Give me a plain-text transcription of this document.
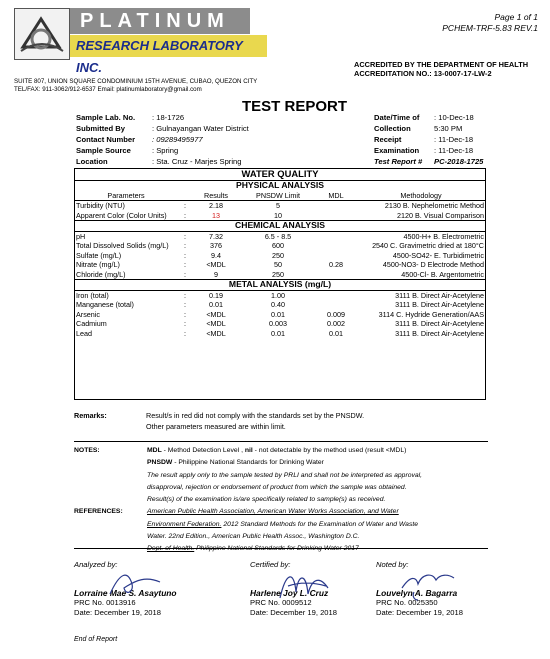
PLATINUM
RESEARCH LABORATORY INC.
Page 1 of 1
PCHEM-TRF-5.83 REV.1
ACCREDITED BY THE DEPARTMENT OF HEALTH
ACCREDITATION NO.: 13-0007-17-LW-2
SUITE 807, UNION SQUARE CONDOMINIUM 15TH AVENUE, CUBAO, QUEZON CITY
TEL/FAX: 911-3062/912-6537 Email: platinumlaboratory@gmail.com
TEST REPORT
Sample Lab. No. : 18-1726
Submitted By	: Gulnayangan Water District
Contact Number : 09289495977
Sample Source	: Spring
Location	: Sta. Cruz - Marjes Spring
Date/Time of : 10-Dec-18
Collection	5:30 PM
Receipt	: 11-Dec-18
Examination : 11-Dec-18
Test Report # PC-2018-1725
WATER QUALITY					
PHYSICAL ANALYSIS					
Parameters		Results	PNSDW Limit	MDL	Methodology
Turbidity (NTU)	:	2.18	5		2130 B. Nephelometric Method
Apparent Color (Color Units)	:	13	10		2120 B. Visual Comparison
CHEMICAL ANALYSIS					
pH	:	7.32	6.5 - 8.5		4500-H+ B. Electrometric
Total Dissolved Solids (mg/L)	:	376	600		2540 C. Gravimetric dried at 180°C
Sulfate (mg/L)	:	9.4	250		4500-SO42- E. Turbidimetric
Nitrate (mg/L)	:	<MDL	50	0.28	4500-NO3- D Electrode Method
Chloride (mg/L)	:	9	250		4500-Cl- B. Argentometric
METAL ANALYSIS (mg/L)					
Iron (total)	:	0.19	1.00		3111 B. Direct Air-Acetylene
Manganese (total)	:	0.01	0.40		3111 B. Direct Air-Acetylene
Arsenic	:	<MDL	0.01	0.009	3114 C. Hydride Generation/AAS
Cadmium	:	<MDL	0.003	0.002	3111 B. Direct Air-Acetylene
Lead	:	<MDL	0.01	0.01	3111 B. Direct Air-Acetylene
Remarks:	Result/s in red did not comply with the standards set by the PNSDW.
Other parameters measured are within limit.
NOTES:	MDL - Method Detection Level , nil - not detectable by the method used (result <MDL)
PNSDW - Philippine National Standards for Drinking Water
The result apply only to the sample tested by PRLI and shall not be interpreted as approval,
disapproval, rejection or endorsement of product from which the sample was obtained.
Result(s) of the examination is/are specifically related to sample(s) as received.
American Public Health Association, American Water Works Association, and Water
Environment Federation. 2012 Standard Methods for the Examination of Water and Waste
Water. 22nd Edition., American Public Health Assoc., Washington D.C.
REFERENCES:
Analyzed by:
Lorraine Mae S. Asaytuno
PRC No. 0013916
Date: December 19, 2018
Certified by:
Harlene Joy L. Cruz
PRC No. 0009512
Date: December 19, 2018
Noted by:
Louvelyn A. Bagarra
PRC No. 0025350
Date: December 19, 2018
End of Report
